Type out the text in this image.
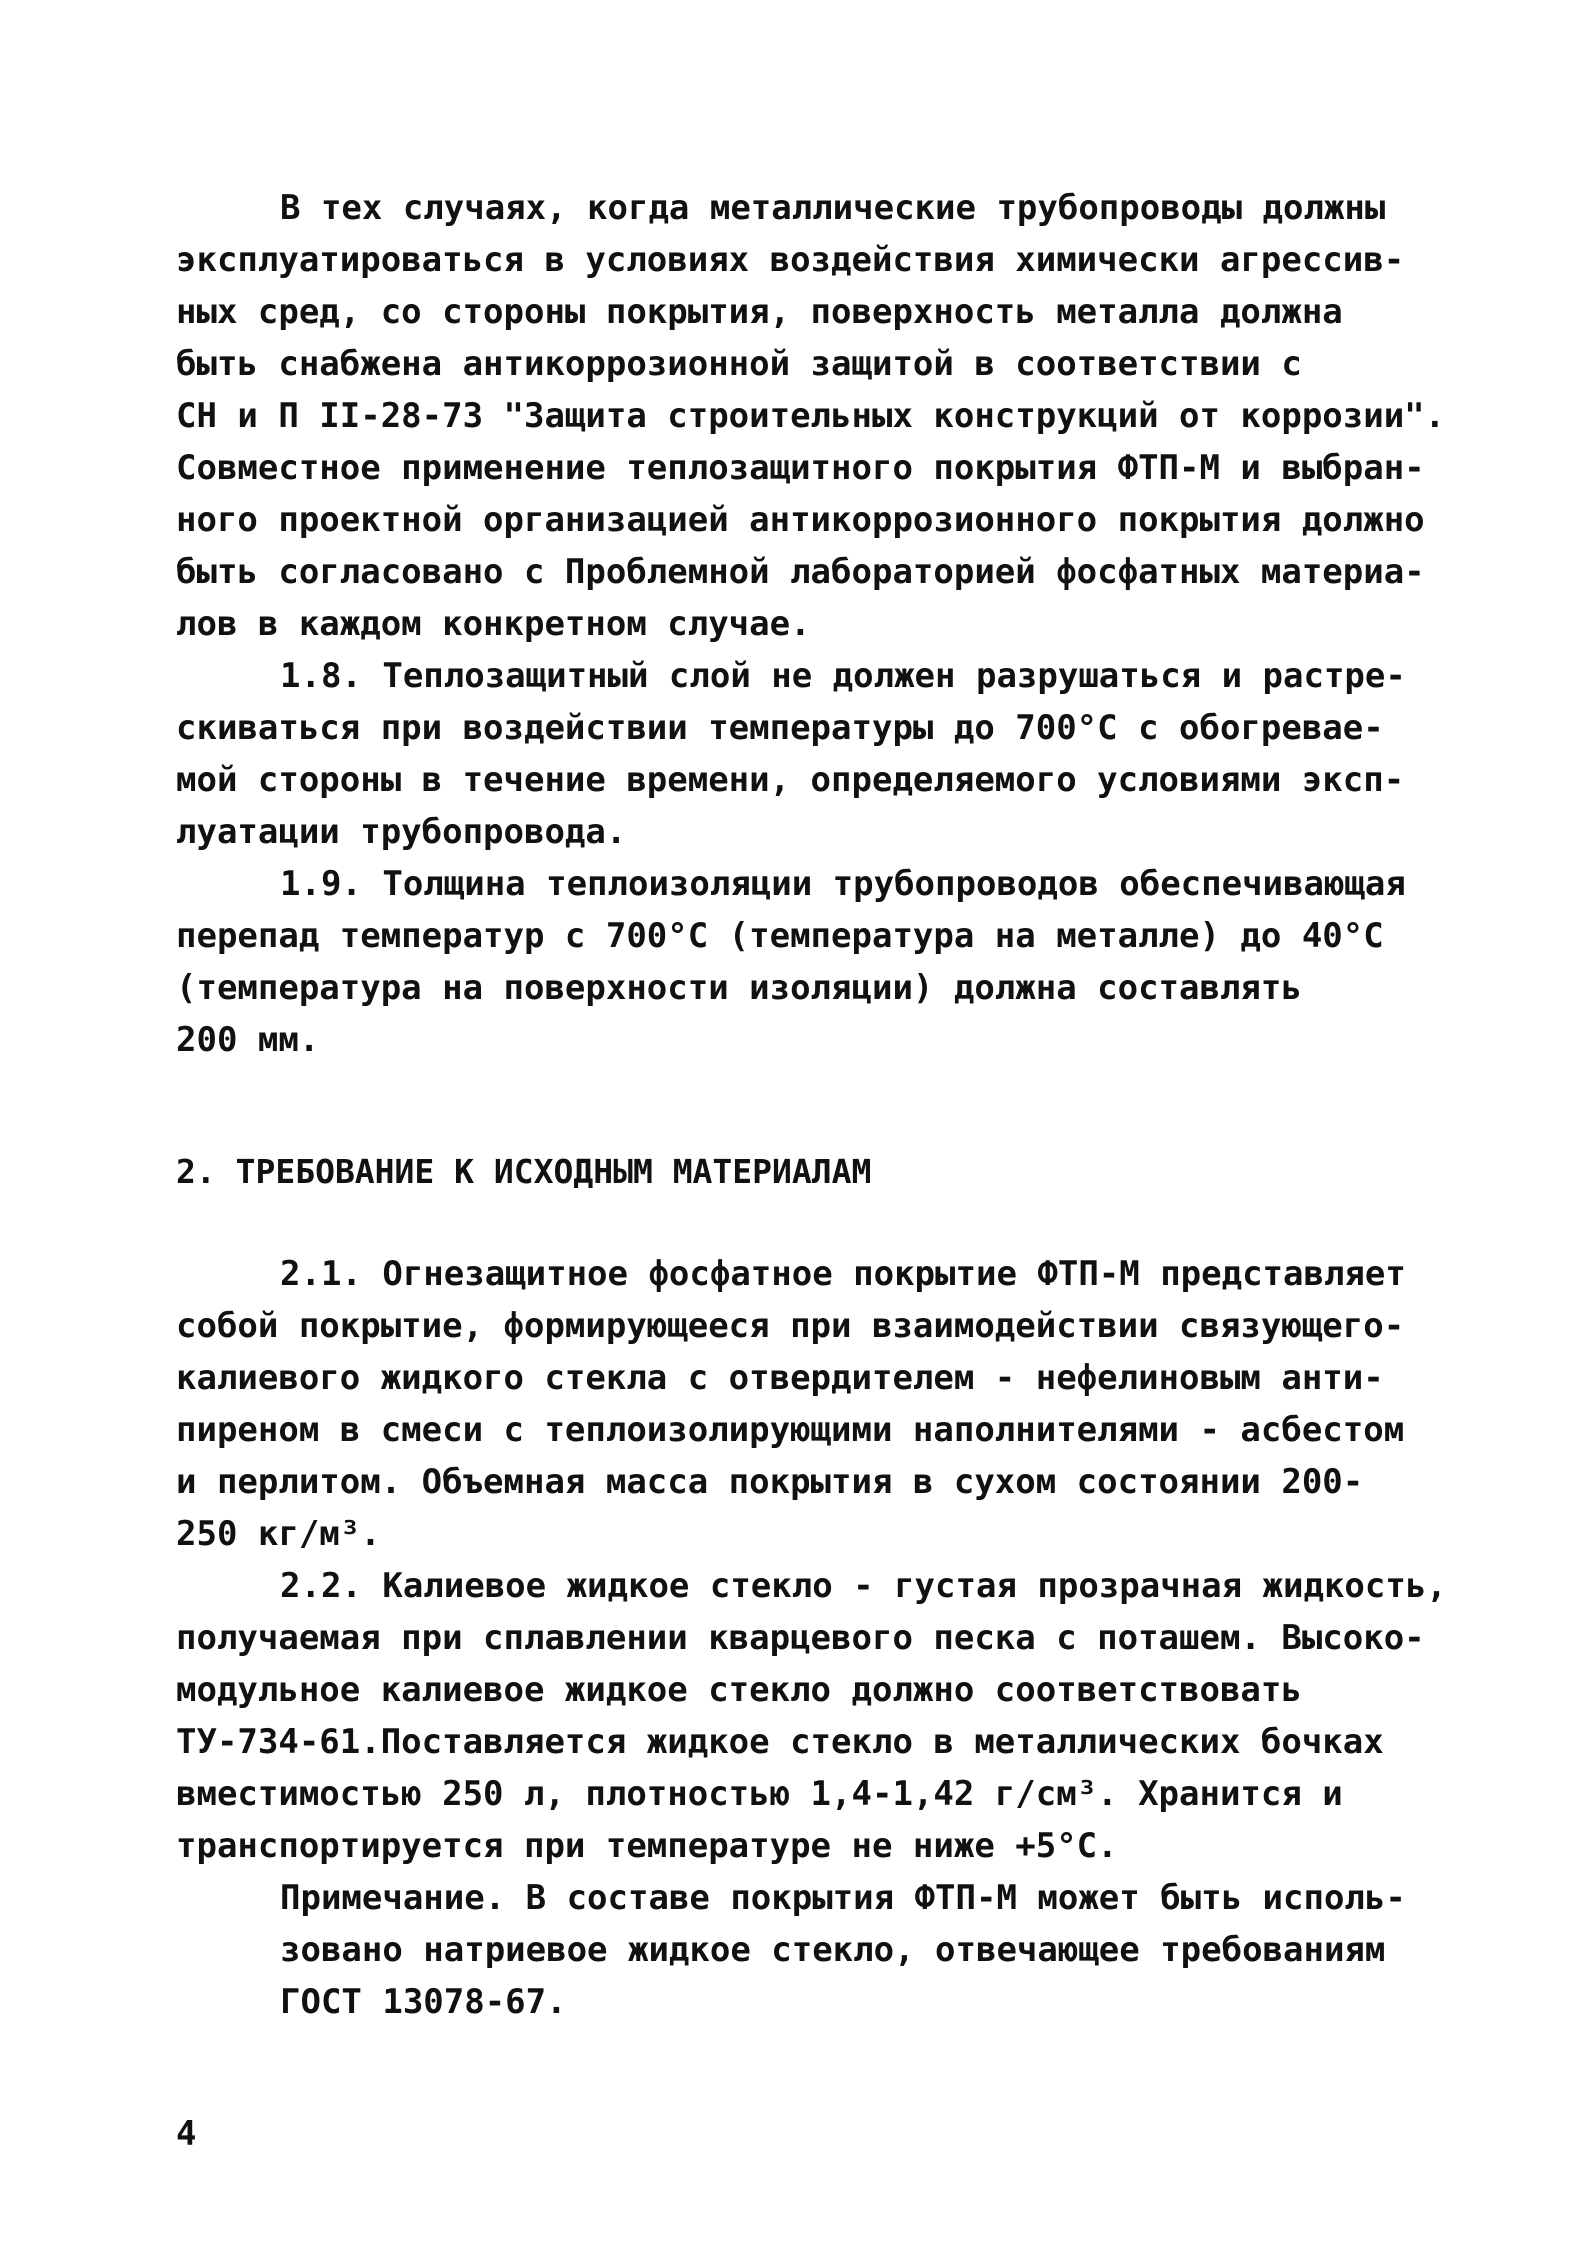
В тех случаях, когда металлические трубопроводы должны

эксплуатироваться в условиях воздействия химически агрессив-

ных сред, со стороны покрытия, поверхность металла должна

быть снабжена антикоррозионной защитой в соответствии с

СН и П II-28-73 "Защита строительных конструкций от коррозии".

Совместное применение теплозащитного покрытия ФТП-М и выбран-

ного проектной организацией антикоррозионного покрытия должно

быть согласовано с Проблемной лабораторией фосфатных материа-

лов в каждом конкретном случае.

1.8. Теплозащитный слой не должен разрушаться и растре-

скиваться при воздействии температуры до 700°C с обогревае-

мой стороны в течение времени, определяемого условиями эксп-

луатации трубопровода.

1.9. Толщина теплоизоляции трубопроводов обеспечивающая

перепад температур с 700°C (температура на металле) до 40°C

(температура на поверхности изоляции) должна составлять

200 мм.

2. ТРЕБОВАНИЕ К ИСХОДНЫМ МАТЕРИАЛАМ

2.1. Огнезащитное фосфатное покрытие ФТП-М представляет

собой покрытие, формирующееся при взаимодействии связующего-

калиевого жидкого стекла с отвердителем - нефелиновым анти-

пиреном в смеси с теплоизолирующими наполнителями - асбестом

и перлитом. Объемная масса покрытия в сухом состоянии 200-

250 кг/м³.

2.2. Калиевое жидкое стекло - густая прозрачная жидкость,

получаемая при сплавлении кварцевого песка с поташем. Высоко-

модульное калиевое жидкое стекло должно соответствовать

ТУ-734-61.Поставляется жидкое стекло в металлических бочках

вместимостью 250 л, плотностью 1,4-1,42 г/см³. Хранится и

транспортируется при температуре не ниже +5°C.

Примечание. В составе покрытия ФТП-М может быть исполь-

зовано натриевое жидкое стекло, отвечающее требованиям

ГОСТ 13078-67.

4
